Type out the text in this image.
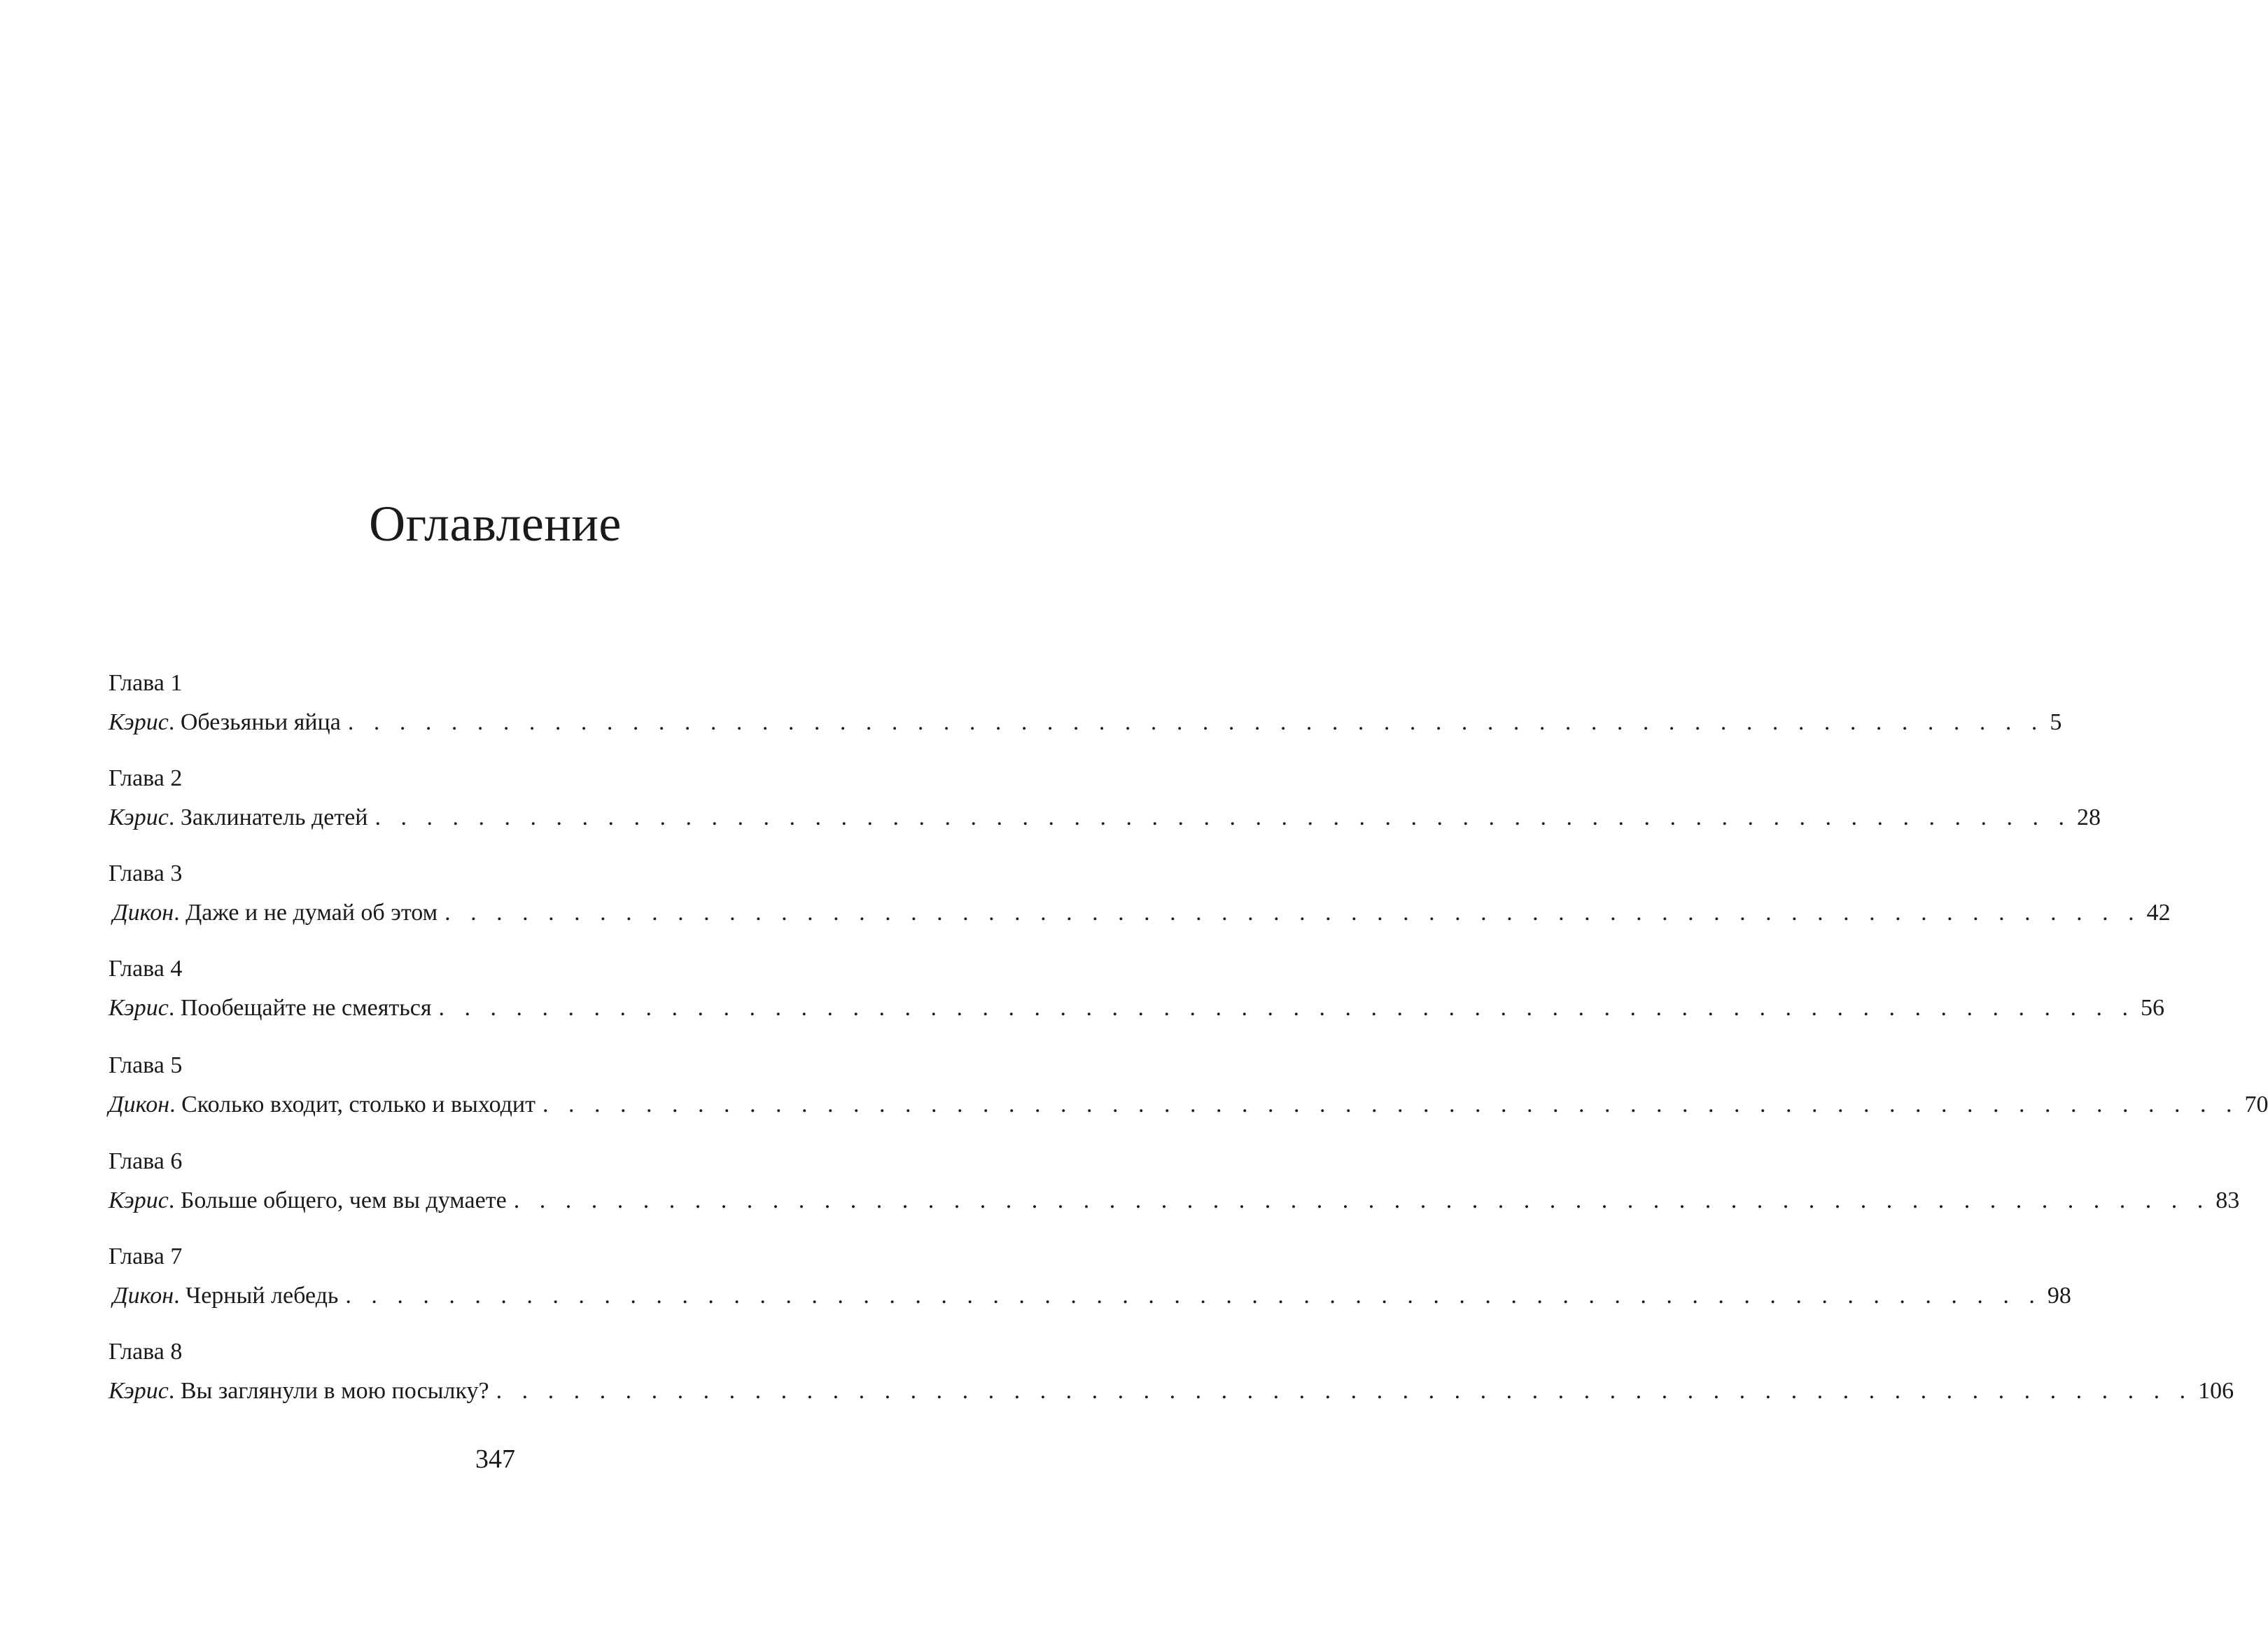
Оглавление
Глава 1
Кэрис . Обезьяньи яйца . . . . . . . . . . . . . . . . . . . . . . . . . . . . . . . . . . . . . . . . . . . . . . . . . . . . . . . . . . . . . . . . . . 5
Глава 2
Кэрис . Заклинатель детей . . . . . . . . . . . . . . . . . . . . . . . . . . . . . . . . . . . . . . . . . . . . . . . . . . . . . . . . . . . . . . . . . . 28
Глава 3
Дикон . Даже и не думай об этом . . . . . . . . . . . . . . . . . . . . . . . . . . . . . . . . . . . . . . . . . . . . . . . . . . . . . . . . . . . . . . . . . . 42
Глава 4
Кэрис . Пообещайте не смеяться . . . . . . . . . . . . . . . . . . . . . . . . . . . . . . . . . . . . . . . . . . . . . . . . . . . . . . . . . . . . . . . . . . 56
Глава 5
Дикон . Сколько входит, столько и выходит . . . . . . . . . . . . . . . . . . . . . . . . . . . . . . . . . . . . . . . . . . . . . . . . . . . . . . . . . . . . . . . . . . 70
Глава 6
Кэрис . Больше общего, чем вы думаете . . . . . . . . . . . . . . . . . . . . . . . . . . . . . . . . . . . . . . . . . . . . . . . . . . . . . . . . . . . . . . . . . . 83
Глава 7
Дикон . Черный лебедь . . . . . . . . . . . . . . . . . . . . . . . . . . . . . . . . . . . . . . . . . . . . . . . . . . . . . . . . . . . . . . . . . . 98
Глава 8
Кэрис . Вы заглянули в мою посылку? . . . . . . . . . . . . . . . . . . . . . . . . . . . . . . . . . . . . . . . . . . . . . . . . . . . . . . . . . . . . . . . . . . 106
347
